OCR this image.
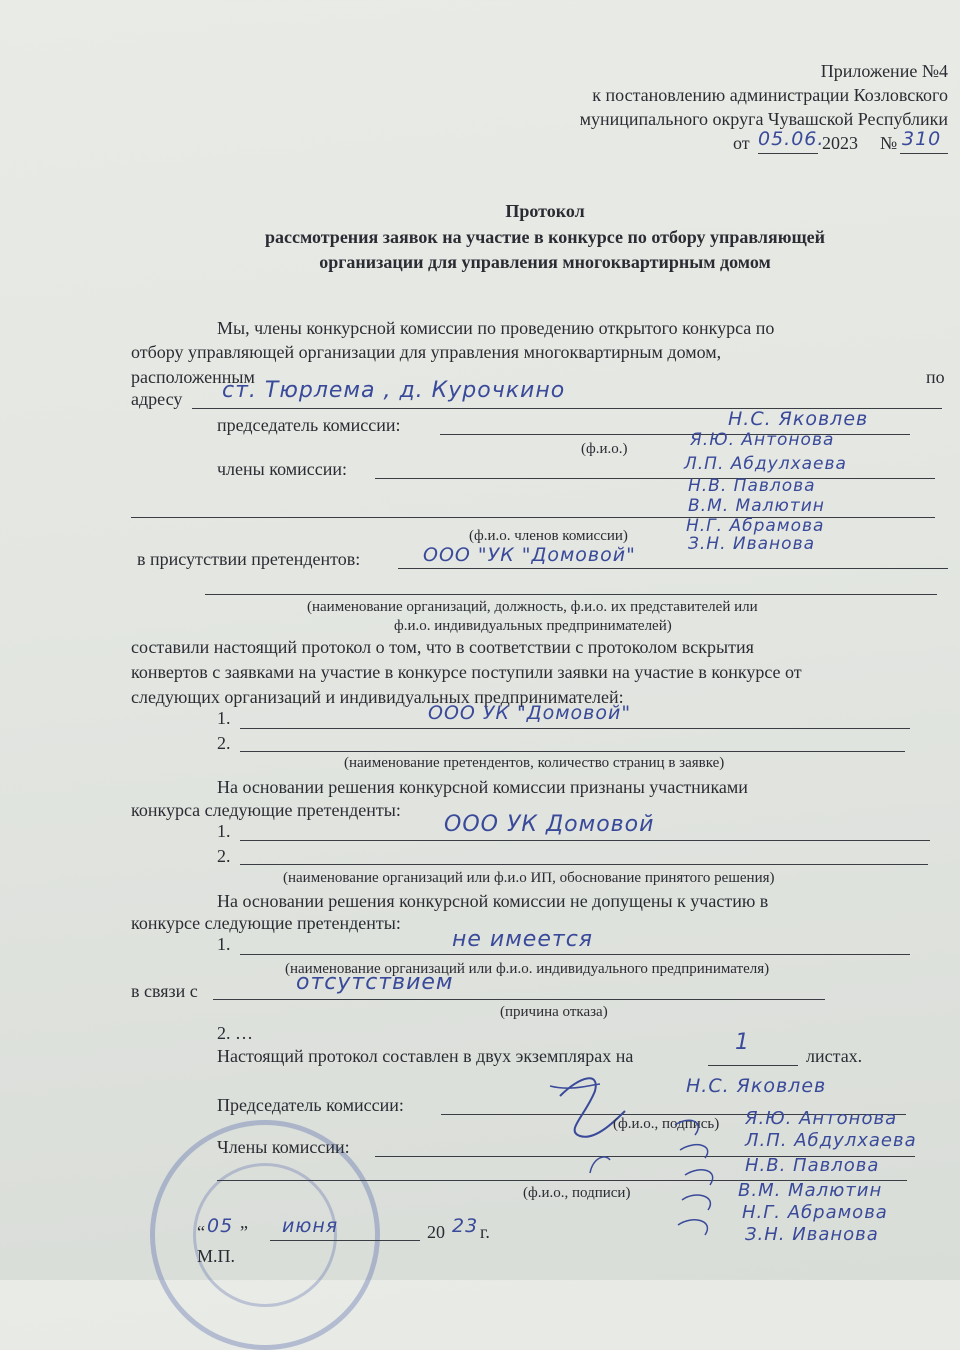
Приложение №4
к постановлению администрации Козловского
муниципального округа Чувашской Республики
от 05.06.
2023 № 310
Протокол
рассмотрения заявок на участие в конкурсе по отбору управляющей
организации для управления многоквартирным домом
Мы, члены конкурсной комиссии по проведению открытого конкурса по
отбору управляющей организации для управления многоквартирным домом,
расположенным	по
адресу ст. Тюрлема , д. Курочкино
председатель комиссии:	Н.С. Яковлев
(ф.и.о.)
члены комиссии:
Я.Ю. Антонова
Л.П. Абдулхаева
Н.В. Павлова
В.М. Малютин
Н.Г. Абрамова
З.Н. Иванова
(ф.и.о. членов комиссии)
в присутствии претендентов:	ООО "УК "Домовой"
(наименование организаций, должность, ф.и.о. их представителей или
ф.и.о. индивидуальных предпринимателей)
составили настоящий протокол о том, что в соответствии с протоколом вскрытия
конвертов с заявками на участие в конкурсе поступили заявки на участие в конкурсе от
следующих организаций и индивидуальных предпринимателей:
1.	ООО УК "Домовой"
2.
(наименование претендентов, количество страниц в заявке)
На основании решения конкурсной комиссии признаны участниками
конкурса следующие претенденты:
1.	ООО УК Домовой
2.
(наименование организаций или ф.и.о ИП, обоснование принятого решения)
На основании решения конкурсной комиссии не допущены к участию в
конкурсе следующие претенденты:
1.	не имеется
(наименование организаций или ф.и.о. индивидуального предпринимателя)
в связи с	отсутствием
(причина отказа)
2. …
Настоящий протокол составлен в двух экземплярах на
1
листах.
Председатель комиссии:
Н.С. Яковлев
(ф.и.о., подпись)
Члены комиссии:
(ф.и.о., подписи)
Я.Ю. Антонова
Л.П. Абдулхаева
Н.В. Павлова
В.М. Малютин
Н.Г. Абрамова
З.Н. Иванова
“ 05 ” июня	20 23 г.
М.П.
